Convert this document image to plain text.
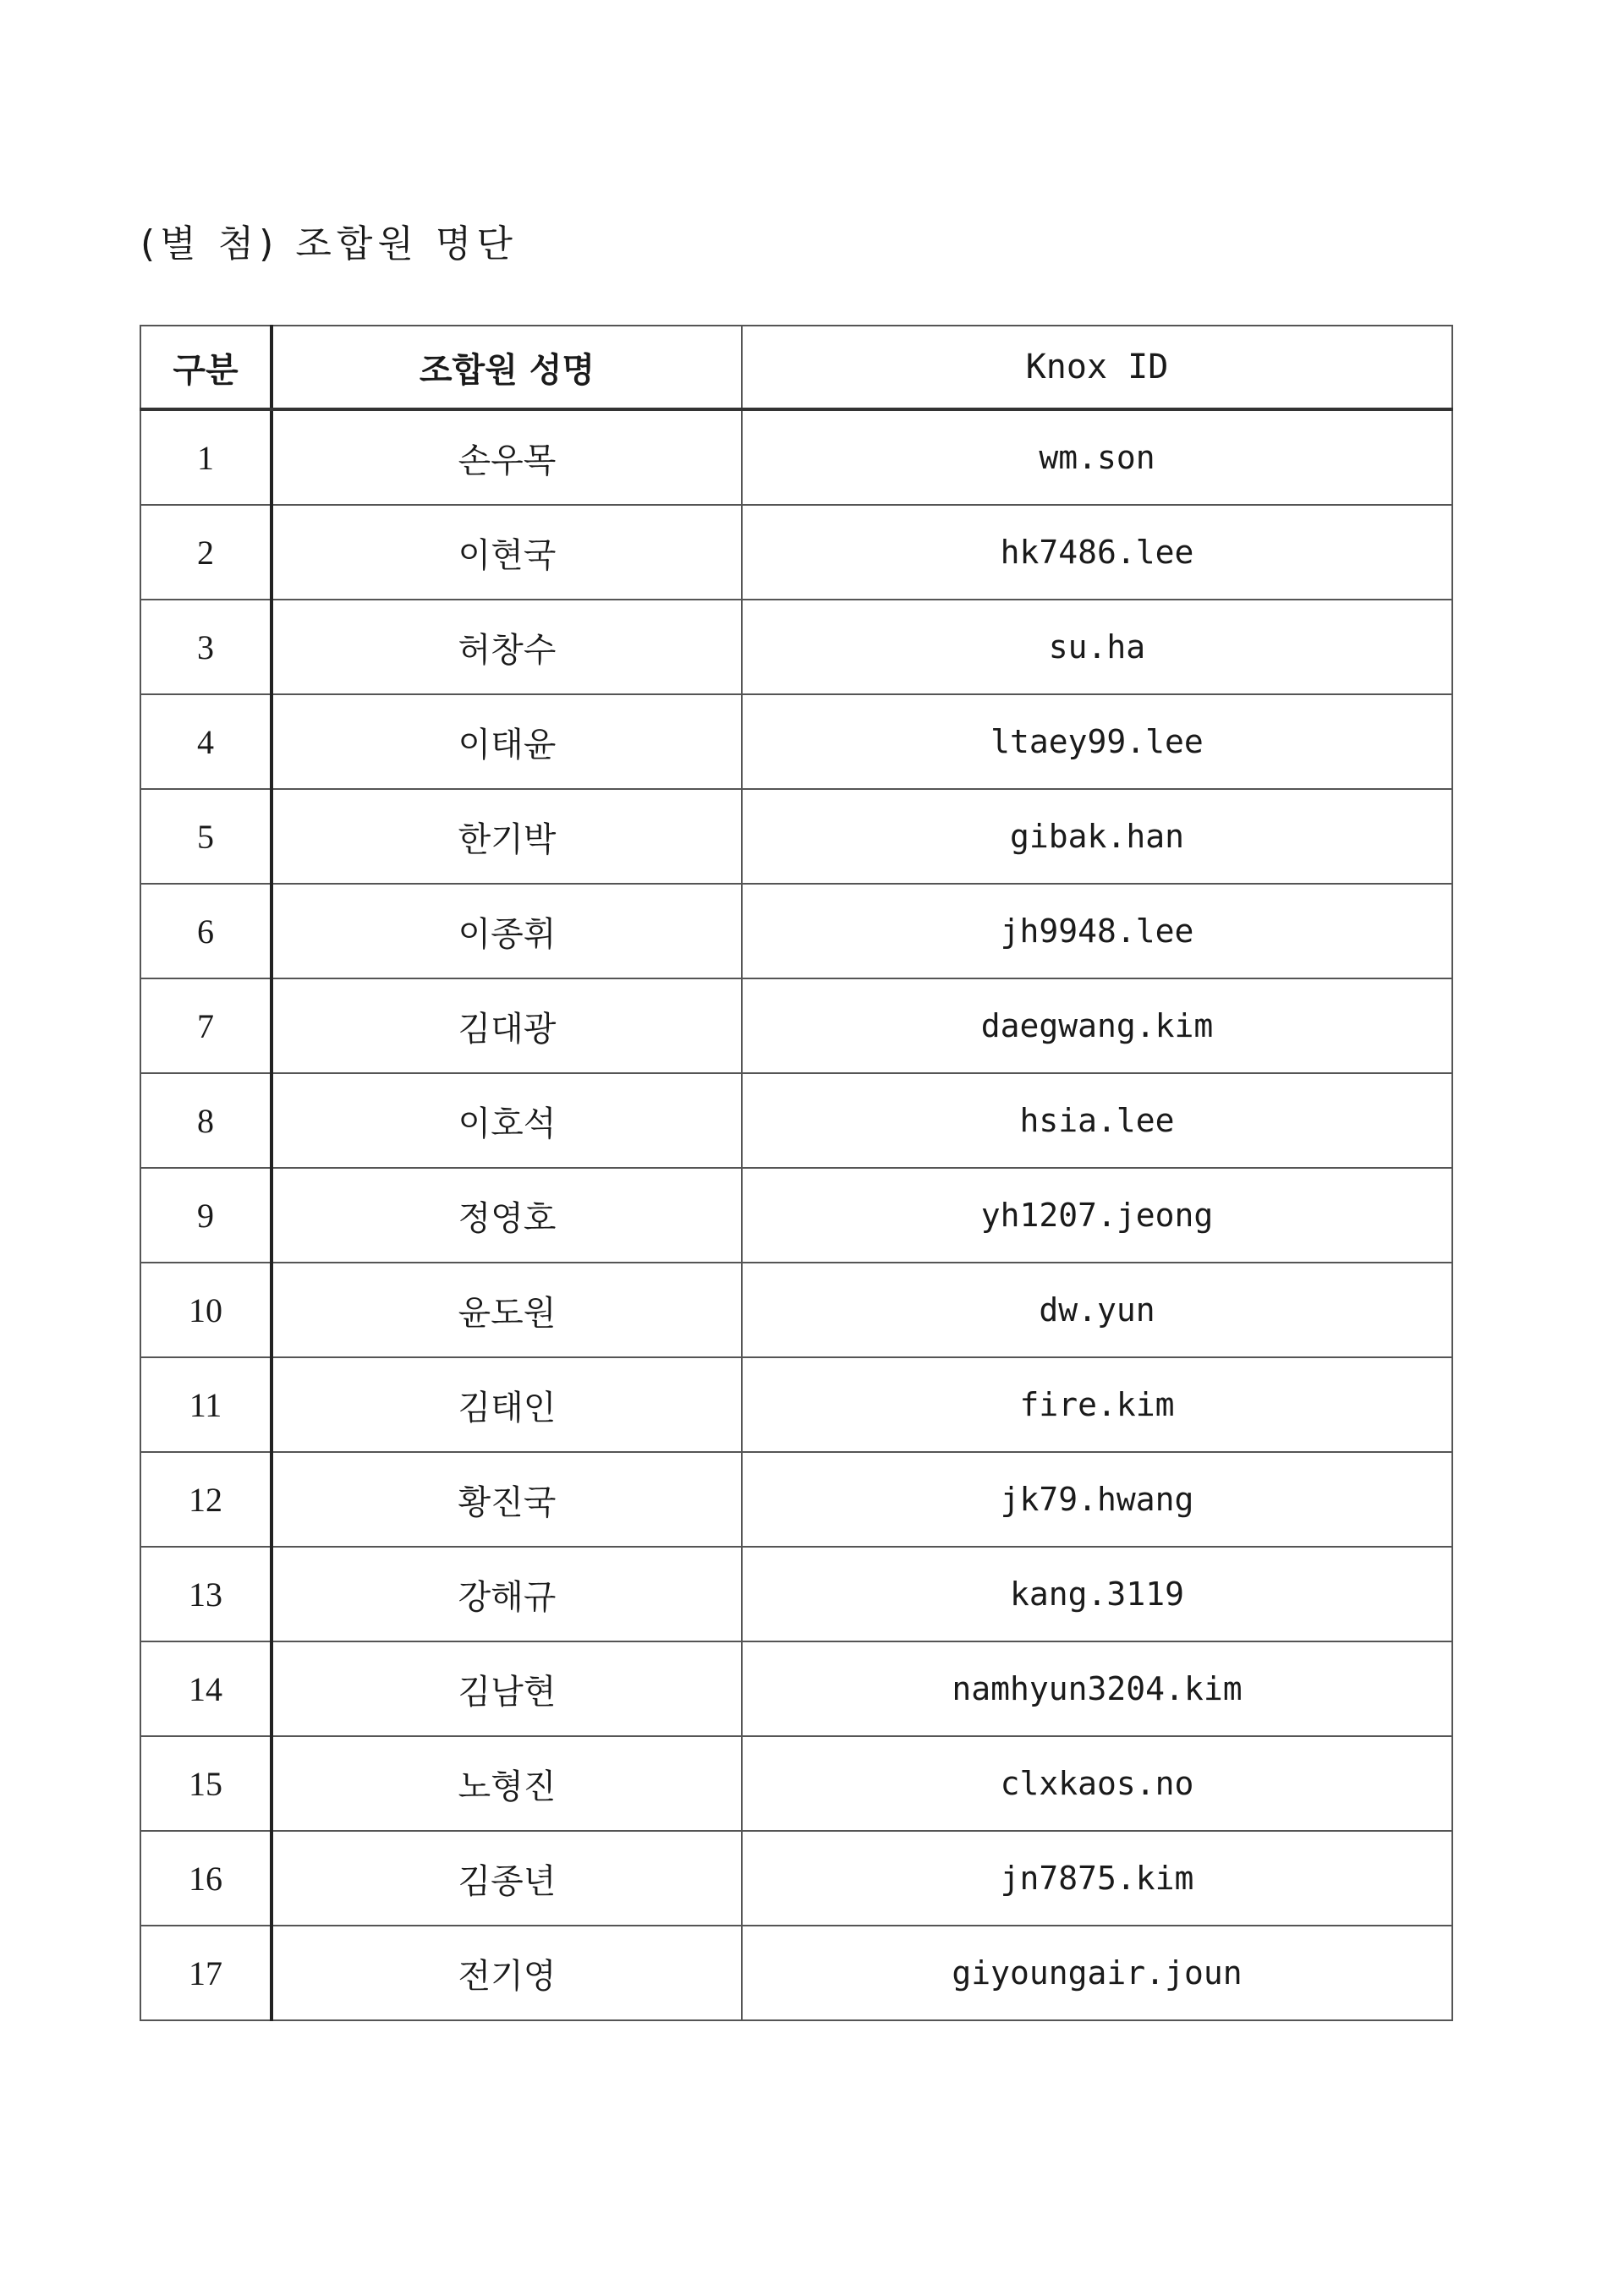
(별 첨) 조합원 명단
구분	조합원 성명	Knox ID
1	손우목	wm.son
2	이현국	hk7486.lee
3	허창수	su.ha
4	이태윤	ltaey99.lee
5	한기박	gibak.han
6	이종휘	jh9948.lee
7	김대광	daegwang.kim
8	이호석	hsia.lee
9	정영호	yh1207.jeong
10	윤도원	dw.yun
11	김태인	fire.kim
12	황진국	jk79.hwang
13	강해규	kang.3119
14	김남현	namhyun3204.kim
15	노형진	clxkaos.no
16	김종년	jn7875.kim
17	전기영	giyoungair.joun
